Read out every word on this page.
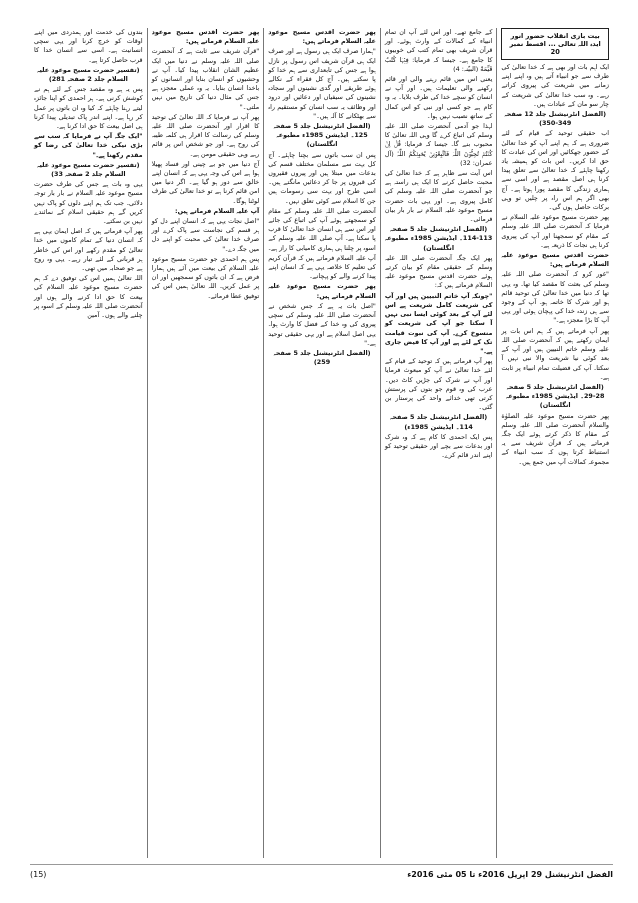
ﺑﯿﺖ ﺑﺎﺯﯼ ﺍﻧﻘﻼﺏ ﺣﻀﻮﺭ ﺍﻧﻮﺭ ﺍﯾﺪﮦ ﺍﻟﻠﮧ ﺗﻌﺎﻟﯽ ... ﺍﻗﺴﻂ ﻧﻤﺒﺮ 20

ﺍﯾﮏ ﺍﮨﻢ ﺑﺎﺕ ﺍﻭﺭ ﺑﮭﯽ ﮨﮯ ﮐﮧ ﺧﺪﺍ ﺗﻌﺎﻟﯽٰ ﮐﯽ ﻃﺮﻑ ﺳﮯ ﺟﻮ ﺍﻧﺒﯿﺎﺀ ﺁﺗﮯ ﮨﯿﮟ ﻭﮦ ﺍﭘﻨﮯ ﺍﭘﻨﮯ ﺯﻣﺎﻧﮯ ﻣﯿﮟ ﺷﺮﯾﻌﺖ ﮐﯽ ﭘﯿﺮﻭﯼ ﮐﺮﺍﺗﮯ ﺭﮨﮯ۔ ﻭﮦ ﺳﺐ ﺧﺪﺍ ﺗﻌﺎﻟﯽٰ ﮐﯽ ﺷﺮﯾﻌﺖ ﮐﮯ ﭼﺎﺭ ﺳﻮ ﻣﺎﻥ ﮐﮯ ﻋﺒﺎﺩﺍﺕ ﮨﯿﮟ۔

(ﺍﻟﻔﻀﻞ ﺍﻧﭩﺮﻧﯿﺸﻨﻞ ﺟﻠﺪ 12 ﺻﻔﺤﮧ 349-350)

ﺍﺏ ﺣﻘﯿﻘﯽ ﺗﻮﺣﯿﺪ ﮐﮯ ﻗﯿﺎﻡ ﮐﮯ ﻟﺌﮯ ﺿﺮﻭﺭﯼ ﮨﮯ ﮐﮧ ﮨﻢ ﺍﭘﻨﮯ ﺁﭖ ﮐﻮ ﺧﺪﺍ ﺗﻌﺎﻟﯽٰ ﮐﮯ ﺣﻀﻮﺭ ﺟﮭﮑﺎﺋﯿﮟ ﺍﻭﺭ ﺍﺱ ﮐﯽ ﻋﺒﺎﺩﺕ ﮐﺎ ﺣﻖ ﺍﺩﺍ ﮐﺮﯾﮟ۔ ﺍﺱ ﺑﺎﺕ ﮐﻮ ﮨﻤﯿﺸﮧ ﯾﺎﺩ ﺭﮐﮭﻨﺎ ﭼﺎﮨﺌﮯ ﮐﮧ ﺧﺪﺍ ﺗﻌﺎﻟﯽٰ ﺳﮯ ﺗﻌﻠﻖ ﭘﯿﺪﺍ ﮐﺮﻧﺎ ﮨﯽ ﺍﺻﻞ ﻣﻘﺼﺪ ﮨﮯ ﺍﻭﺭ ﺍﺳﯽ ﺳﮯ ﮨﻤﺎﺭﯼ ﺯﻧﺪﮔﯽ ﮐﺎ ﻣﻘﺼﺪ ﭘﻮﺭﺍ ﮨﻮﺗﺎ ﮨﮯ۔ ﺁﺝ ﺑﮭﯽ ﺍﮔﺮ ﮨﻢ ﺍﺱ ﺭﺍﮦ ﭘﺮ ﭼﻠﯿﮟ ﺗﻮ ﻭﮨﯽ ﺑﺮﮐﺎﺕ ﺣﺎﺻﻞ ﮨﻮﮞ ﮔﯽ۔

ﭘﮭﺮ ﺣﻀﺮﺕ ﻣﺴﯿﺢ ﻣﻮﻋﻮﺩ ﻋﻠﯿﮧ ﺍﻟﺴﻼﻡ ﻧﮯ ﻓﺮﻣﺎﯾﺎ ﮐﮧ ﺁﻧﺤﻀﺮﺕ ﺻﻠﯽ ﺍﻟﻠﮧ ﻋﻠﯿﮧ ﻭﺳﻠﻢ ﮐﮯ ﻣﻘﺎﻡ ﮐﻮ ﺳﻤﺠﮭﻨﺎ ﺍﻭﺭ ﺁﭖ ﮐﯽ ﭘﯿﺮﻭﯼ ﮐﺮﻧﺎ ﮨﯽ ﻧﺠﺎﺕ ﮐﺎ ﺫﺭﯾﻌﮧ ﮨﮯ۔

ﺣﻀﺮﺕ ﺍﻗﺪﺱ ﻣﺴﯿﺢ ﻣﻮﻋﻮﺩ ﻋﻠﯿﮧ ﺍﻟﺴﻼﻡ ﻓﺮﻣﺎﺗﮯ ﮨﯿﮟ:

"ﻏﻮﺭ ﮐﺮﻭ ﮐﮧ ﺁﻧﺤﻀﺮﺕ ﺻﻠﯽ ﺍﻟﻠﮧ ﻋﻠﯿﮧ ﻭﺳﻠﻢ ﮐﯽ ﺑﻌﺜﺖ ﮐﺎ ﻣﻘﺼﺪ ﮐﯿﺎ ﺗﮭﺎ۔ ﻭﮦ ﯾﮩﯽ ﺗﮭﺎ ﮐﮧ ﺩﻧﯿﺎ ﻣﯿﮟ ﺧﺪﺍ ﺗﻌﺎﻟﯽٰ ﮐﯽ ﺗﻮﺣﯿﺪ ﻗﺎﺋﻢ ﮨﻮ ﺍﻭﺭ ﺷﺮﮎ ﮐﺎ ﺧﺎﺗﻤﮧ ﮨﻮ۔ ﺁﭖ ﮐﮯ ﻭﺟﻮﺩ ﺳﮯ ﮨﯽ ﺯﻧﺪﮦ ﺧﺪﺍ ﮐﯽ ﭘﮩﭽﺎﻥ ﮨﻮﺋﯽ ﺍﻭﺭ ﯾﮩﯽ ﺁﭖ ﮐﺎ ﺑﮍﺍ ﻣﻌﺠﺰﮦ ﮨﮯ۔"

ﭘﮭﺮ ﺁﭖ ﻓﺮﻣﺎﺗﮯ ﮨﯿﮟ ﮐﮧ ﮨﻢ ﺍﺱ ﺑﺎﺕ ﭘﺮ ﺍﯾﻤﺎﻥ ﺭﮐﮭﺘﮯ ﮨﯿﮟ ﮐﮧ ﺁﻧﺤﻀﺮﺕ ﺻﻠﯽ ﺍﻟﻠﮧ ﻋﻠﯿﮧ ﻭﺳﻠﻢ ﺧﺎﺗﻢ ﺍﻟﻨﺒﯿﯿﻦ ﮨﯿﮟ ﺍﻭﺭ ﺁﭖ ﮐﮯ ﺑﻌﺪ ﮐﻮﺋﯽ ﻧﯿﺎ ﺷﺮﯾﻌﺖ ﻭﺍﻻ ﻧﺒﯽ ﻧﮩﯿﮟ ﺁ ﺳﮑﺘﺎ۔ ﺁﭖ ﮐﯽ ﻓﻀﯿﻠﺖ ﺗﻤﺎﻡ ﺍﻧﺒﯿﺎﺀ ﭘﺮ ﺛﺎﺑﺖ ﮨﮯ۔

(ﺍﻟﻔﻀﻞ ﺍﻧﭩﺮﻧﯿﺸﻨﻞ ﺟﻠﺪ 5 ﺻﻔﺤﮧ 28-29۔ ﺍﯾﮉﯾﺸﻦ 1985ﺀ ﻣﻄﺒﻮﻋﮧ ﺍﻧﮕﻠﺴﺘﺎﻥ)

ﭘﮭﺮ ﺣﻀﺮﺕ ﻣﺴﯿﺢ ﻣﻮﻋﻮﺩ ﻋﻠﯿﮧ ﺍﻟﺼﻠﻮٰﺓ ﻭﺍﻟﺴﻼﻡ ﺁﻧﺤﻀﺮﺕ ﺻﻠﯽ ﺍﻟﻠﮧ ﻋﻠﯿﮧ ﻭﺳﻠﻢ ﮐﮯ ﻣﻘﺎﻡ ﮐﺎ ﺫﮐﺮ ﮐﺮﺗﮯ ﮨﻮﺋﮯ ﺍﯾﮏ ﺟﮕﮧ ﻓﺮﻣﺎﺗﮯ ﮨﯿﮟ ﮐﮧ ﻗﺮﺁﻥ ﺷﺮﯾﻒ ﺳﮯ ﯾﮧ ﺍﺳﺘﻨﺒﺎﻁ ﮐﺮﺗﺎ ﮨﻮﮞ ﮐﮧ ﺳﺐ ﺍﻧﺒﯿﺎﺀ ﮐﮯ ﻣﺠﻤﻮﻋﮧ ﮐﻤﺎﻻﺕ ﺁﭖ ﻣﯿﮟ ﺟﻤﻊ ﮨﯿﮟ۔

ﮐﮯ ﺟﺎﻣﻊ ﺗﮭﮯ۔ ﺍﻭﺭ ﺍﺱ ﻟﺌﮯ ﺁﭖ ﺍﻥ ﺗﻤﺎﻡ ﺍﻧﺒﯿﺎﺀ ﮐﮯ ﮐﻤﺎﻻﺕ ﮐﮯ ﻭﺍﺭﺙ ﮨﻮﺋﮯ۔ ﺍﻭﺭ ﻗﺮﺁﻥ ﺷﺮﯾﻒ ﺑﮭﯽ ﺗﻤﺎﻡ ﮐﺘﺐ ﮐﯽ ﺧﻮﺑﯿﻮﮞ ﮐﺎ ﺟﺎﻣﻊ ﮨﮯ۔ ﺟﯿﺴﺎ ﮐﮧ ﻓﺮﻣﺎﯾﺎ: ﻓِﯿۡﮩَﺎ ﮐُﺘُﺐٌ ﻗَﯿِّﻤَﺔٌ (ﺍﻟﺒﯿّﻨﮧ: 4)

ﯾﻌﻨﯽ ﺍﺱ ﻣﯿﮟ ﻗﺎﺋﻢ ﺭﮨﻨﮯ ﻭﺍﻟﯽ ﺍﻭﺭ ﻗﺎﺋﻢ ﺭﮐﮭﻨﮯ ﻭﺍﻟﯽ ﺗﻌﻠﯿﻤﺎﺕ ﮨﯿﮟ۔ ﺍﻭﺭ ﺁﭖ ﻧﮯ ﺍﻧﺴﺎﻥ ﮐﻮ ﺳﭽﮯ ﺧﺪﺍ ﮐﯽ ﻃﺮﻑ ﺑﻼﯾﺎ۔ ﯾﮧ ﻭﮦ ﮐﺎﻡ ﮨﮯ ﺟﻮ ﮐﺴﯽ ﺍﻭﺭ ﻧﺒﯽ ﮐﻮ ﺍﺱ ﮐﻤﺎﻝ ﮐﮯ ﺳﺎﺗﮫ ﻧﺼﯿﺐ ﻧﮩﯿﮟ ﮨﻮﺍ۔

ﻟﮩﺬﺍ ﺟﻮ ﺁﺩﻣﯽ ﺁﻧﺤﻀﺮﺕ ﺻﻠﯽ ﺍﻟﻠﮧ ﻋﻠﯿﮧ ﻭﺳﻠﻢ ﮐﯽ ﺍﺗﺒﺎﻉ ﮐﺮﮮ ﮔﺎ ﻭﮨﯽ ﺍﻟﻠﮧ ﺗﻌﺎﻟﯽٰ ﮐﺎ ﻣﺤﺒﻮﺏ ﺑﻨﮯ ﮔﺎ۔ ﺟﯿﺴﺎ ﮐﮧ ﻓﺮﻣﺎﯾﺎ: ﻗُﻞۡ ﺍِﻥۡ ﮐُﻨۡﺘُﻢۡ ﺗُﺤِﺒُّﻮۡﻥَ ﺍﻟﻠّٰﮧَ ﻓَﺎﺗَّﺒِﻌُﻮۡﻧِﯽۡ ﯾُﺤۡﺒِﺒۡﮑُﻢُ ﺍﻟﻠّٰﮧُ (ﺁﻝ ﻋﻤﺮﺍﻥ: 32)

ﺍﺱ ﺁﯾﺖ ﺳﮯ ﻇﺎﮨﺮ ﮨﮯ ﮐﮧ ﺧﺪﺍ ﺗﻌﺎﻟﯽٰ ﮐﯽ ﻣﺤﺒﺖ ﺣﺎﺻﻞ ﮐﺮﻧﮯ ﮐﺎ ﺍﯾﮏ ﮨﯽ ﺭﺍﺳﺘﮧ ﮨﮯ ﺟﻮ ﺁﻧﺤﻀﺮﺕ ﺻﻠﯽ ﺍﻟﻠﮧ ﻋﻠﯿﮧ ﻭﺳﻠﻢ ﮐﯽ ﮐﺎﻣﻞ ﭘﯿﺮﻭﯼ ﮨﮯ۔ ﺍﻭﺭ ﯾﮩﯽ ﺑﺎﺕ ﺣﻀﺮﺕ ﻣﺴﯿﺢ ﻣﻮﻋﻮﺩ ﻋﻠﯿﮧ ﺍﻟﺴﻼﻡ ﻧﮯ ﺑﺎﺭ ﺑﺎﺭ ﺑﯿﺎﻥ ﻓﺮﻣﺎﺋﯽ۔

(ﺍﻟﻔﻀﻞ ﺍﻧﭩﺮﻧﯿﺸﻨﻞ ﺟﻠﺪ 5 ﺻﻔﺤﮧ 113-114۔ ﺍﯾﮉﯾﺸﻦ 1985ﺀ ﻣﻄﺒﻮﻋﮧ ﺍﻧﮕﻠﺴﺘﺎﻥ)

ﭘﮭﺮ ﺍﯾﮏ ﺟﮕﮧ ﺁﻧﺤﻀﺮﺕ ﺻﻠﯽ ﺍﻟﻠﮧ ﻋﻠﯿﮧ ﻭﺳﻠﻢ ﮐﮯ ﺣﻘﯿﻘﯽ ﻣﻘﺎﻡ ﮐﻮ ﺑﯿﺎﻥ ﮐﺮﺗﮯ ﮨﻮﺋﮯ ﺣﻀﺮﺕ ﺍﻗﺪﺱ ﻣﺴﯿﺢ ﻣﻮﻋﻮﺩ ﻋﻠﯿﮧ ﺍﻟﺴﻼﻡ ﻓﺮﻣﺎﺗﮯ ﮨﯿﮟ ﮐﮧ:

"ﭼﻮﻧﮑﮧ ﺁﭖ ﺧﺎﺗﻢ ﺍﻟﻨﺒﯿﯿﻦ ﮨﯿﮟ ﺍﻭﺭ ﺁﭖ ﮐﯽ ﺷﺮﯾﻌﺖ ﮐﺎﻣﻞ ﺷﺮﯾﻌﺖ ﮨﮯ ﺍﺱ ﻟﺌﮯ ﺁﭖ ﮐﮯ ﺑﻌﺪ ﮐﻮﺋﯽ ﺍﯾﺴﺎ ﻧﺒﯽ ﻧﮩﯿﮟ ﺁ ﺳﮑﺘﺎ ﺟﻮ ﺁﭖ ﮐﯽ ﺷﺮﯾﻌﺖ ﮐﻮ ﻣﻨﺴﻮﺥ ﮐﺮﮮ۔ ﺁﭖ ﮐﯽ ﻧﺒﻮﺕ ﻗﯿﺎﻣﺖ ﺗﮏ ﮐﮯ ﻟﺌﮯ ﮨﮯ ﺍﻭﺭ ﺁﭖ ﮐﺎ ﻓﯿﺾ ﺟﺎﺭﯼ ﮨﮯ۔"

ﭘﮭﺮ ﺁﭖ ﻓﺮﻣﺎﺗﮯ ﮨﯿﮟ ﮐﮧ ﺗﻮﺣﯿﺪ ﮐﮯ ﻗﯿﺎﻡ ﮐﮯ ﻟﺌﮯ ﺧﺪﺍ ﺗﻌﺎﻟﯽٰ ﻧﮯ ﺁﭖ ﮐﻮ ﻣﺒﻌﻮﺙ ﻓﺮﻣﺎﯾﺎ ﺍﻭﺭ ﺁﭖ ﻧﮯ ﺷﺮﮎ ﮐﯽ ﺟﮍﯾﮟ ﮐﺎﭦ ﺩﯾﮟ۔ ﻋﺮﺏ ﮐﯽ ﻭﮦ ﻗﻮﻡ ﺟﻮ ﺑﺘﻮﮞ ﮐﯽ ﭘﺮﺳﺘﺶ ﮐﺮﺗﯽ ﺗﮭﯽ ﺧﺪﺍﺋﮯ ﻭﺍﺣﺪ ﮐﯽ ﭘﺮﺳﺘﺎﺭ ﺑﻦ ﮔﺌﯽ۔

(ﺍﻟﻔﻀﻞ ﺍﻧﭩﺮﻧﯿﺸﻨﻞ ﺟﻠﺪ 5 ﺻﻔﺤﮧ 114۔ ﺍﯾﮉﯾﺸﻦ 1985ﺀ)

ﭘﺲ ﺍﯾﮏ ﺍﺣﻤﺪﯼ ﮐﺎ ﮐﺎﻡ ﮨﮯ ﮐﮧ ﻭﮦ ﺷﺮﮎ ﺍﻭﺭ ﺑﺪﻋﺎﺕ ﺳﮯ ﺑﭽﮯ ﺍﻭﺭ ﺣﻘﯿﻘﯽ ﺗﻮﺣﯿﺪ ﮐﻮ ﺍﭘﻨﮯ ﺍﻧﺪﺭ ﻗﺎﺋﻢ ﮐﺮﮮ۔

ﭘﮭﺮ ﺣﻀﺮﺕ ﺍﻗﺪﺱ ﻣﺴﯿﺢ ﻣﻮﻋﻮﺩ ﻋﻠﯿﮧ ﺍﻟﺴﻼﻡ ﻓﺮﻣﺎﺗﮯ ﮨﯿﮟ:

"ﮨﻤﺎﺭﺍ ﺻﺮﻑ ﺍﯾﮏ ﮨﯽ ﺭﺳﻮﻝ ﮨﮯ ﺍﻭﺭ ﺻﺮﻑ ﺍﯾﮏ ﮨﯽ ﻗﺮﺁﻥ ﺷﺮﯾﻒ ﺍﺱ ﺭﺳﻮﻝ ﭘﺮ ﻧﺎﺯﻝ ﮨﻮﺍ ﮨﮯ ﺟﺲ ﮐﯽ ﺗﺎﺑﻌﺪﺍﺭﯼ ﺳﮯ ﮨﻢ ﺧﺪﺍ ﮐﻮ ﭘﺎ ﺳﮑﺘﮯ ﮨﯿﮟ۔ ﺁﺝ ﮐﻞ ﻓﻘﺮﺍﺀ ﮐﮯ ﻧﮑﺎﻟﮯ ﮨﻮﺋﮯ ﻃﺮﯾﻘﮯ ﺍﻭﺭ ﮔﺪﯼ ﻧﺸﯿﻨﻮﮞ ﺍﻭﺭ ﺳﺠﺎﺩﮦ ﻧﺸﯿﻨﻮﮞ ﮐﯽ ﺳﯿﻔﯿﺎﮞ ﺍﻭﺭ ﺩﻋﺎﺋﯿﮟ ﺍﻭﺭ ﺩﺭﻭﺩ ﺍﻭﺭ ﻭﻇﺎﺋﻒ ﯾﮧ ﺳﺐ ﺍﻧﺴﺎﻥ ﮐﻮ ﻣﺴﺘﻘﯿﻢ ﺭﺍﮦ ﺳﮯ ﺑﮭﭩﮑﺎﻧﮯ ﮐﺎ ﺁﻟﮧ ﮨﯿﮟ۔"

(ﺍﻟﻔﻀﻞ ﺍﻧﭩﺮﻧﯿﺸﻨﻞ ﺟﻠﺪ 5 ﺻﻔﺤﮧ 125۔ ﺍﯾﮉﯾﺸﻦ 1985ﺀ ﻣﻄﺒﻮﻋﮧ ﺍﻧﮕﻠﺴﺘﺎﻥ)

ﭘﺲ ﺍﻥ ﺳﺐ ﺑﺎﺗﻮﮞ ﺳﮯ ﺑﭽﻨﺎ ﭼﺎﮨﺌﮯ۔ ﺁﺝ ﮐﻞ ﺑﮩﺖ ﺳﮯ ﻣﺴﻠﻤﺎﻥ ﻣﺨﺘﻠﻒ ﻗﺴﻢ ﮐﯽ ﺑﺪﻋﺎﺕ ﻣﯿﮟ ﻣﺒﺘﻼ ﮨﯿﮟ ﺍﻭﺭ ﭘﯿﺮﻭﮞ ﻓﻘﯿﺮﻭﮞ ﮐﯽ ﻗﺒﺮﻭﮞ ﭘﺮ ﺟﺎ ﮐﺮ ﺩﻋﺎﺋﯿﮟ ﻣﺎﻧﮕﺘﮯ ﮨﯿﮟ۔ ﺍﺳﯽ ﻃﺮﺡ ﺍﻭﺭ ﺑﮩﺖ ﺳﯽ ﺭﺳﻮﻣﺎﺕ ﮨﯿﮟ ﺟﻦ ﮐﺎ ﺍﺳﻼﻡ ﺳﮯ ﮐﻮﺋﯽ ﺗﻌﻠﻖ ﻧﮩﯿﮟ۔

ﺁﻧﺤﻀﺮﺕ ﺻﻠﯽ ﺍﻟﻠﮧ ﻋﻠﯿﮧ ﻭﺳﻠﻢ ﮐﮯ ﻣﻘﺎﻡ ﮐﻮ ﺳﻤﺠﮭﺘﮯ ﮨﻮﺋﮯ ﺁﭖ ﮐﯽ ﺍﺗﺒﺎﻉ ﮐﯽ ﺟﺎﺋﮯ ﺍﻭﺭ ﺍﺱ ﺳﮯ ﮨﯽ ﺍﻧﺴﺎﻥ ﺧﺪﺍ ﺗﻌﺎﻟﯽٰ ﮐﺎ ﻗﺮﺏ ﭘﺎ ﺳﮑﺘﺎ ﮨﮯ۔ ﺁﭖ ﺻﻠﯽ ﺍﻟﻠﮧ ﻋﻠﯿﮧ ﻭﺳﻠﻢ ﮐﮯ ﺍﺳﻮﮦ ﭘﺮ ﭼﻠﻨﺎ ﮨﯽ ﮨﻤﺎﺭﯼ ﮐﺎﻣﯿﺎﺑﯽ ﮐﺎ ﺭﺍﺯ ﮨﮯ۔

ﺁﭖ ﻋﻠﯿﮧ ﺍﻟﺴﻼﻡ ﻓﺮﻣﺎﺗﮯ ﮨﯿﮟ ﮐﮧ ﻗﺮﺁﻥ ﮐﺮﯾﻢ ﮐﯽ ﺗﻌﻠﯿﻢ ﮐﺎ ﺧﻼﺻﮧ ﯾﮩﯽ ﮨﮯ ﮐﮧ ﺍﻧﺴﺎﻥ ﺍﭘﻨﮯ ﭘﯿﺪﺍ ﮐﺮﻧﮯ ﻭﺍﻟﮯ ﮐﻮ ﭘﮩﭽﺎﻧﮯ۔

ﭘﮭﺮ ﺣﻀﺮﺕ ﻣﺴﯿﺢ ﻣﻮﻋﻮﺩ ﻋﻠﯿﮧ ﺍﻟﺴﻼﻡ ﻓﺮﻣﺎﺗﮯ ﮨﯿﮟ:

"ﺍﺻﻞ ﺑﺎﺕ ﯾﮧ ﮨﮯ ﮐﮧ ﺟﺲ ﺷﺨﺺ ﻧﮯ ﺁﻧﺤﻀﺮﺕ ﺻﻠﯽ ﺍﻟﻠﮧ ﻋﻠﯿﮧ ﻭﺳﻠﻢ ﮐﯽ ﺳﭽﯽ ﭘﯿﺮﻭﯼ ﮐﯽ ﻭﮦ ﺧﺪﺍ ﮐﮯ ﻓﻀﻞ ﮐﺎ ﻭﺍﺭﺙ ﮨﻮﺍ۔ ﯾﮩﯽ ﺍﺻﻞ ﺍﺳﻼﻡ ﮨﮯ ﺍﻭﺭ ﯾﮩﯽ ﺣﻘﯿﻘﯽ ﺗﻮﺣﯿﺪ ﮨﮯ۔"

(ﺍﻟﻔﻀﻞ ﺍﻧﭩﺮﻧﯿﺸﻨﻞ ﺟﻠﺪ 5 ﺻﻔﺤﮧ 259)

ﭘﮭﺮ ﺣﻀﺮﺕ ﺍﻗﺪﺱ ﻣﺴﯿﺢ ﻣﻮﻋﻮﺩ ﻋﻠﯿﮧ ﺍﻟﺴﻼﻡ ﻓﺮﻣﺎﺗﮯ ﮨﯿﮟ:

"ﻗﺮﺁﻥ ﺷﺮﯾﻒ ﺳﮯ ﺛﺎﺑﺖ ﮨﮯ ﮐﮧ ﺁﻧﺤﻀﺮﺕ ﺻﻠﯽ ﺍﻟﻠﮧ ﻋﻠﯿﮧ ﻭﺳﻠﻢ ﻧﮯ ﺩﻧﯿﺎ ﻣﯿﮟ ﺍﯾﮏ ﻋﻈﯿﻢ ﺍﻟﺸﺎﻥ ﺍﻧﻘﻼﺏ ﭘﯿﺪﺍ ﮐﯿﺎ۔ ﺁﭖ ﻧﮯ ﻭﺣﺸﯿﻮﮞ ﮐﻮ ﺍﻧﺴﺎﻥ ﺑﻨﺎﯾﺎ ﺍﻭﺭ ﺍﻧﺴﺎﻧﻮﮞ ﮐﻮ ﺑﺎﺧﺪﺍ ﺍﻧﺴﺎﻥ ﺑﻨﺎﯾﺎ۔ ﯾﮧ ﻭﮦ ﻋﻤﻠﯽ ﻣﻌﺠﺰﮦ ﮨﮯ ﺟﺲ ﮐﯽ ﻣﺜﺎﻝ ﺩﻧﯿﺎ ﮐﯽ ﺗﺎﺭﯾﺦ ﻣﯿﮟ ﻧﮩﯿﮟ ﻣﻠﺘﯽ۔"

ﭘﮭﺮ ﺁﭖ ﻧﮯ ﻓﺮﻣﺎﯾﺎ ﮐﮧ ﺍﻟﻠﮧ ﺗﻌﺎﻟﯽٰ ﮐﯽ ﺗﻮﺣﯿﺪ ﮐﺎ ﺍﻗﺮﺍﺭ ﺍﻭﺭ ﺁﻧﺤﻀﺮﺕ ﺻﻠﯽ ﺍﻟﻠﮧ ﻋﻠﯿﮧ ﻭﺳﻠﻢ ﮐﯽ ﺭﺳﺎﻟﺖ ﮐﺎ ﺍﻗﺮﺍﺭ ﮨﯽ ﮐﻠﻤﮧ ﻃﯿﺒﮧ ﮐﯽ ﺭﻭﺡ ﮨﮯ۔ ﺍﻭﺭ ﺟﻮ ﺷﺨﺺ ﺍﺱ ﭘﺮ ﻗﺎﺋﻢ ﺭﮨﮯ ﻭﮨﯽ ﺣﻘﯿﻘﯽ ﻣﻮﻣﻦ ﮨﮯ۔

ﺁﺝ ﺩﻧﯿﺎ ﻣﯿﮟ ﺟﻮ ﺑﮯ ﭼﯿﻨﯽ ﺍﻭﺭ ﻓﺴﺎﺩ ﭘﮭﯿﻼ ﮨﻮﺍ ﮨﮯ ﺍﺱ ﮐﯽ ﻭﺟﮧ ﯾﮩﯽ ﮨﮯ ﮐﮧ ﺍﻧﺴﺎﻥ ﺍﭘﻨﮯ ﺧﺎﻟﻖ ﺳﮯ ﺩﻭﺭ ﮨﻮ ﮔﯿﺎ ﮨﮯ۔ ﺍﮔﺮ ﺩﻧﯿﺎ ﻣﯿﮟ ﺍﻣﻦ ﻗﺎﺋﻢ ﮐﺮﻧﺎ ﮨﮯ ﺗﻮ ﺧﺪﺍ ﺗﻌﺎﻟﯽٰ ﮐﯽ ﻃﺮﻑ ﻟﻮﭨﻨﺎ ﮨﻮﮔﺎ۔

ﺁﭖ ﻋﻠﯿﮧ ﺍﻟﺴﻼﻡ ﻓﺮﻣﺎﺗﮯ ﮨﯿﮟ:

"ﺍﺻﻞ ﻧﺠﺎﺕ ﯾﮩﯽ ﮨﮯ ﮐﮧ ﺍﻧﺴﺎﻥ ﺍﭘﻨﮯ ﺩﻝ ﮐﻮ ﮨﺮ ﻗﺴﻢ ﮐﯽ ﻧﺠﺎﺳﺖ ﺳﮯ ﭘﺎﮎ ﮐﺮﮮ ﺍﻭﺭ ﺻﺮﻑ ﺧﺪﺍ ﺗﻌﺎﻟﯽٰ ﮐﯽ ﻣﺤﺒﺖ ﮐﻮ ﺍﭘﻨﮯ ﺩﻝ ﻣﯿﮟ ﺟﮕﮧ ﺩﮮ۔"

ﭘﺲ ﮨﻢ ﺍﺣﻤﺪﯼ ﺟﻮ ﺣﻀﺮﺕ ﻣﺴﯿﺢ ﻣﻮﻋﻮﺩ ﻋﻠﯿﮧ ﺍﻟﺴﻼﻡ ﮐﯽ ﺑﯿﻌﺖ ﻣﯿﮟ ﺁﺋﮯ ﮨﯿﮟ ﮨﻤﺎﺭﺍ ﻓﺮﺽ ﮨﮯ ﮐﮧ ﺍﻥ ﺑﺎﺗﻮﮞ ﮐﻮ ﺳﻤﺠﮭﯿﮟ ﺍﻭﺭ ﺍﻥ ﭘﺮ ﻋﻤﻞ ﮐﺮﯾﮟ۔ ﺍﻟﻠﮧ ﺗﻌﺎﻟﯽٰ ﮨﻤﯿﮟ ﺍﺱ ﮐﯽ ﺗﻮﻓﯿﻖ ﻋﻄﺎ ﻓﺮﻣﺎﺋﮯ۔

ﺑﻨﺪﻭﮞ ﮐﯽ ﺧﺪﻣﺖ ﺍﻭﺭ ﮨﻤﺪﺭﺩﯼ ﻣﯿﮟ ﺍﭘﻨﮯ ﺍﻭﻗﺎﺕ ﮐﻮ ﺧﺮﭺ ﮐﺮﻧﺎ ﺍﻭﺭ ﯾﮩﯽ ﺳﭽﯽ ﺍﻧﺴﺎﻧﯿﺖ ﮨﮯ۔ ﺍﺳﯽ ﺳﮯ ﺍﻧﺴﺎﻥ ﺧﺪﺍ ﮐﺎ ﻗﺮﺏ ﺣﺎﺻﻞ ﮐﺮﺗﺎ ﮨﮯ۔

(ﺗﻔﺴﯿﺮ ﺣﻀﺮﺕ ﻣﺴﯿﺢ ﻣﻮﻋﻮﺩ ﻋﻠﯿﮧ ﺍﻟﺴﻼﻡ ﺟﻠﺪ 2 ﺻﻔﺤﮧ 281)

ﭘﺲ ﯾﮧ ﮨﮯ ﻭﮦ ﻣﻘﺼﺪ ﺟﺲ ﮐﮯ ﻟﺌﮯ ﮨﻢ ﻧﮯ ﮐﻮﺷﺶ ﮐﺮﻧﯽ ﮨﮯ۔ ﮨﺮ ﺍﺣﻤﺪﯼ ﮐﻮ ﺍﭘﻨﺎ ﺟﺎﺋﺰﮦ ﻟﯿﺘﮯ ﺭﮨﻨﺎ ﭼﺎﮨﺌﮯ ﮐﮧ ﮐﯿﺎ ﻭﮦ ﺍﻥ ﺑﺎﺗﻮﮞ ﭘﺮ ﻋﻤﻞ ﮐﺮ ﺭﮨﺎ ﮨﮯ۔ ﺍﭘﻨﮯ ﺍﻧﺪﺭ ﭘﺎﮎ ﺗﺒﺪﯾﻠﯽ ﭘﯿﺪﺍ ﮐﺮﻧﺎ ﮨﯽ ﺍﺻﻞ ﺑﯿﻌﺖ ﮐﺎ ﺣﻖ ﺍﺩﺍ ﮐﺮﻧﺎ ﮨﮯ۔

"ﺍﯾﮏ ﺟﮕﮧ ﺁﭖ ﻧﮯ ﻓﺮﻣﺎﯾﺎ ﮐﮧ ﺳﺐ ﺳﮯ ﺑﮍﯼ ﻧﯿﮑﯽ ﺧﺪﺍ ﺗﻌﺎﻟﯽٰ ﮐﯽ ﺭﺿﺎ ﮐﻮ ﻣﻘﺪﻡ ﺭﮐﮭﻨﺎ ﮨﮯ۔"

(ﺗﻔﺴﯿﺮ ﺣﻀﺮﺕ ﻣﺴﯿﺢ ﻣﻮﻋﻮﺩ ﻋﻠﯿﮧ ﺍﻟﺴﻼﻡ ﺟﻠﺪ 2 ﺻﻔﺤﮧ 33)

ﯾﮩﯽ ﻭﮦ ﺑﺎﺕ ﮨﮯ ﺟﺲ ﮐﯽ ﻃﺮﻑ ﺣﻀﺮﺕ ﻣﺴﯿﺢ ﻣﻮﻋﻮﺩ ﻋﻠﯿﮧ ﺍﻟﺴﻼﻡ ﻧﮯ ﺑﺎﺭ ﺑﺎﺭ ﺗﻮﺟﮧ ﺩﻻﺋﯽ۔ ﺟﺐ ﺗﮏ ﮨﻢ ﺍﭘﻨﮯ ﺩﻟﻮﮞ ﮐﻮ ﭘﺎﮎ ﻧﮩﯿﮟ ﮐﺮﯾﮟ ﮔﮯ ﮨﻢ ﺣﻘﯿﻘﯽ ﺍﺳﻼﻡ ﮐﮯ ﻧﻤﺎﺋﻨﺪﮮ ﻧﮩﯿﮟ ﺑﻦ ﺳﮑﺘﮯ۔

ﭘﮭﺮ ﺁﭖ ﻓﺮﻣﺎﺗﮯ ﮨﯿﮟ ﮐﮧ ﺍﺻﻞ ﺍﯾﻤﺎﻥ ﯾﮩﯽ ﮨﮯ ﮐﮧ ﺍﻧﺴﺎﻥ ﺩﻧﯿﺎ ﮐﮯ ﺗﻤﺎﻡ ﮐﺎﻣﻮﮞ ﻣﯿﮟ ﺧﺪﺍ ﺗﻌﺎﻟﯽٰ ﮐﻮ ﻣﻘﺪﻡ ﺭﮐﮭﮯ ﺍﻭﺭ ﺍﺱ ﮐﯽ ﺧﺎﻃﺮ ﮨﺮ ﻗﺮﺑﺎﻧﯽ ﮐﮯ ﻟﺌﮯ ﺗﯿﺎﺭ ﺭﮨﮯ۔ ﯾﮩﯽ ﻭﮦ ﺭﻭﺡ ﮨﮯ ﺟﻮ ﺻﺤﺎﺑﮧ ﻣﯿﮟ ﺗﮭﯽ۔

ﺍﻟﻠﮧ ﺗﻌﺎﻟﯽٰ ﮨﻤﯿﮟ ﺍﺱ ﮐﯽ ﺗﻮﻓﯿﻖ ﺩﮮ ﮐﮧ ﮨﻢ ﺣﻀﺮﺕ ﻣﺴﯿﺢ ﻣﻮﻋﻮﺩ ﻋﻠﯿﮧ ﺍﻟﺴﻼﻡ ﮐﯽ ﺑﯿﻌﺖ ﮐﺎ ﺣﻖ ﺍﺩﺍ ﮐﺮﻧﮯ ﻭﺍﻟﮯ ﮨﻮﮞ ﺍﻭﺭ ﺁﻧﺤﻀﺮﺕ ﺻﻠﯽ ﺍﻟﻠﮧ ﻋﻠﯿﮧ ﻭﺳﻠﻢ ﮐﮯ ﺍﺳﻮﮦ ﭘﺮ ﭼﻠﻨﮯ ﻭﺍﻟﮯ ﮨﻮﮞ۔ ﺁﻣﯿﻦ

(15)	ﺍﻟﻔﻀﻞ ﺍﻧﭩﺮﻧﯿﺸﻨﻞ 29 ﺍﭘﺮﯾﻞ 2016ﺀ ﺗﺎ 05 ﻣﺌﯽ 2016ﺀ
